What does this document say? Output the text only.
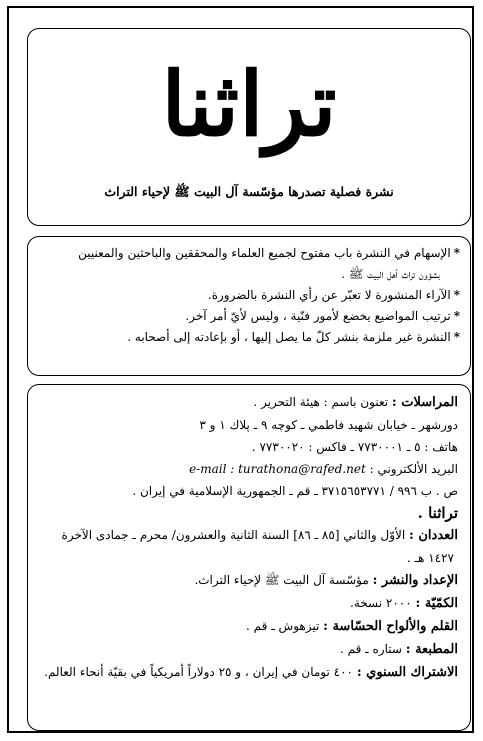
تراثنا
نشرة فصلية تصدرها مؤسّسة آل البيت ﷺ لإحياء التراث

*الإسهام في النشرة باب مفتوح لجميع العلماء والمحققين والباحثين والمعنيين

بشؤون تراث أهل البيت ﷺ .

*الآراء المنشورة لا تعبّر عن رأي النشرة بالضرورة.

*ترتيب المواضيع يخضع لأمور فنّية ، وليس لأيّ أمر آخر.

*النشرة غير ملزمة بنشر كلّ ما يصل إليها ، أو بإعادته إلى أصحابه .

المراسلات : تعنون باسم : هيئة التحرير .
دورشهر ـ خيابان شهيد فاطمي ـ كوچه ٩ ـ پلاك ١ و ٣
هاتف : ٥ ـ ٧٧٣٠٠٠١ ـ فاكس : ٧٧٣٠٠٢٠ .
البريد الألكتروني : e-mail : turathona@rafed.net
ص . ب ٩٩٦ / ٣٧١٥٦٥٣٧٧١ ـ قم ـ الجمهورية الإسلامية في إيران .
تراثنا .
العددان : الأوّل والثاني [٨٥ ـ ٨٦] السنة الثانية والعشرون/ محرم ـ جمادى الآخرة
١٤٢٧ هـ .
الإعداد والنشر : مؤسّسة آل البيت ﷺ لإحياء التراث.
الكمّيّة : ٢٠٠٠ نسخة.
القلم والألواح الحسّاسة : تيزهوش ـ قم .
المطبعة : ستاره ـ قم .
الاشتراك السنوي : ٤٠٠ تومان في إيران ، و ٢٥ دولاراً أمريكياً في بقيّة أنحاء العالم.
